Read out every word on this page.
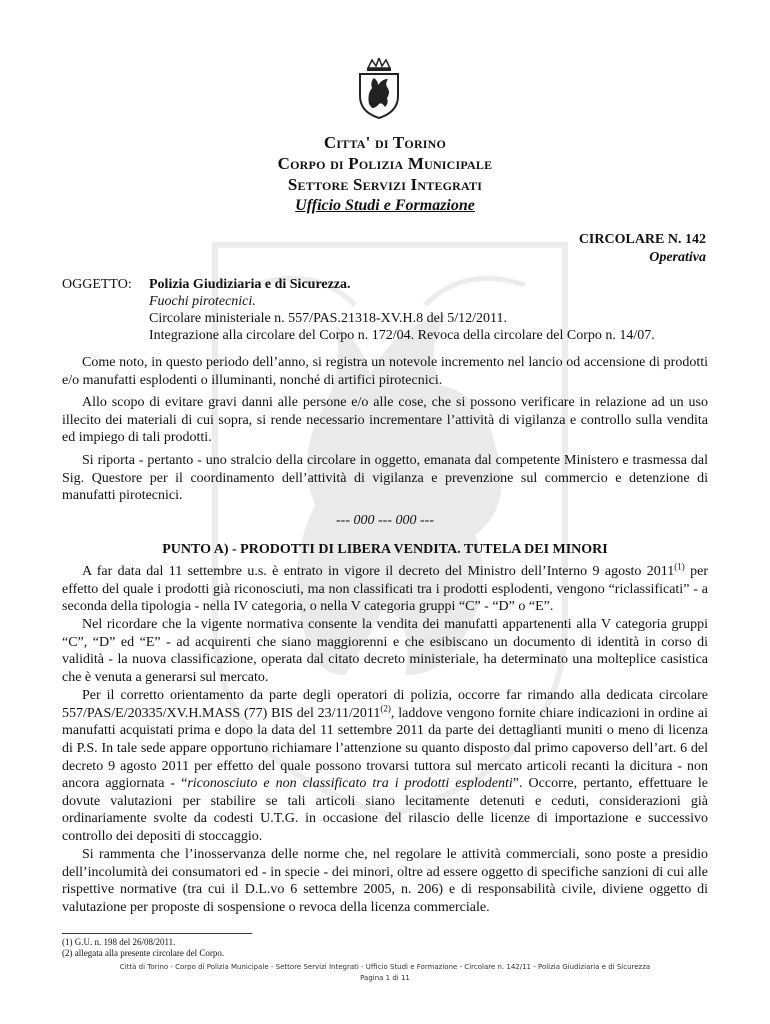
Citta' di Torino
Corpo di Polizia Municipale
Settore Servizi Integrati
Ufficio Studi e Formazione
CIRCOLARE N. 142
Operativa
OGGETTO: Polizia Giudiziaria e di Sicurezza.
Fuochi pirotecnici.
Circolare ministeriale n. 557/PAS.21318-XV.H.8 del 5/12/2011.
Integrazione alla circolare del Corpo n. 172/04. Revoca della circolare del Corpo n. 14/07.

Come noto, in questo periodo dell’anno, si registra un notevole incremento nel lancio od accensione di prodotti e/o manufatti esplodenti o illuminanti, nonché di artifici pirotecnici.

Allo scopo di evitare gravi danni alle persone e/o alle cose, che si possono verificare in relazione ad un uso illecito dei materiali di cui sopra, si rende necessario incrementare l’attività di vigilanza e controllo sulla vendita ed impiego di tali prodotti.

Si riporta - pertanto - uno stralcio della circolare in oggetto, emanata dal competente Ministero e trasmessa dal Sig. Questore per il coordinamento dell’attività di vigilanza e prevenzione sul commercio e detenzione di manufatti pirotecnici.

--- 000 --- 000 ---
PUNTO A) - PRODOTTI DI LIBERA VENDITA. TUTELA DEI MINORI

A far data dal 11 settembre u.s. è entrato in vigore il decreto del Ministro dell’Interno 9 agosto 2011$^{(1)}$ per effetto del quale i prodotti già riconosciuti, ma non classificati tra i prodotti esplodenti, vengono “riclassificati” - a seconda della tipologia - nella IV categoria, o nella V categoria gruppi “C” - “D” o “E”.

Nel ricordare che la vigente normativa consente la vendita dei manufatti appartenenti alla V categoria gruppi “C”, “D” ed “E” - ad acquirenti che siano maggiorenni e che esibiscano un documento di identità in corso di validità - la nuova classificazione, operata dal citato decreto ministeriale, ha determinato una molteplice casistica che è venuta a generarsi sul mercato.

Per il corretto orientamento da parte degli operatori di polizia, occorre far rimando alla dedicata circolare 557/PAS/E/20335/XV.H.MASS (77) BIS del 23/11/2011$^{(2)}$, laddove vengono fornite chiare indicazioni in ordine ai manufatti acquistati prima e dopo la data del 11 settembre 2011 da parte dei dettaglianti muniti o meno di licenza di P.S. In tale sede appare opportuno richiamare l’attenzione su quanto disposto dal primo capoverso dell’art. 6 del decreto 9 agosto 2011 per effetto del quale possono trovarsi tuttora sul mercato articoli recanti la dicitura - non ancora aggiornata - “riconosciuto e non classificato tra i prodotti esplodenti”. Occorre, pertanto, effettuare le dovute valutazioni per stabilire se tali articoli siano lecitamente detenuti e ceduti, considerazioni già ordinariamente svolte da codesti U.T.G. in occasione del rilascio delle licenze di importazione e successivo controllo dei depositi di stoccaggio.

Si rammenta che l’inosservanza delle norme che, nel regolare le attività commerciali, sono poste a presidio dell’incolumità dei consumatori ed - in specie - dei minori, oltre ad essere oggetto di specifiche sanzioni di cui alle rispettive normative (tra cui il D.L.vo 6 settembre 2005, n. 206) e di responsabilità civile, diviene oggetto di valutazione per proposte di sospensione o revoca della licenza commerciale.

(1) G.U. n. 198 del 26/08/2011.
(2) allegata alla presente circolare del Corpo.
Città di Torino - Corpo di Polizia Municipale - Settore Servizi Integrati - Ufficio Studi e Formazione - Circolare n. 142/11 - Polizia Giudiziaria e di Sicurezza
Pagina 1 di 11
